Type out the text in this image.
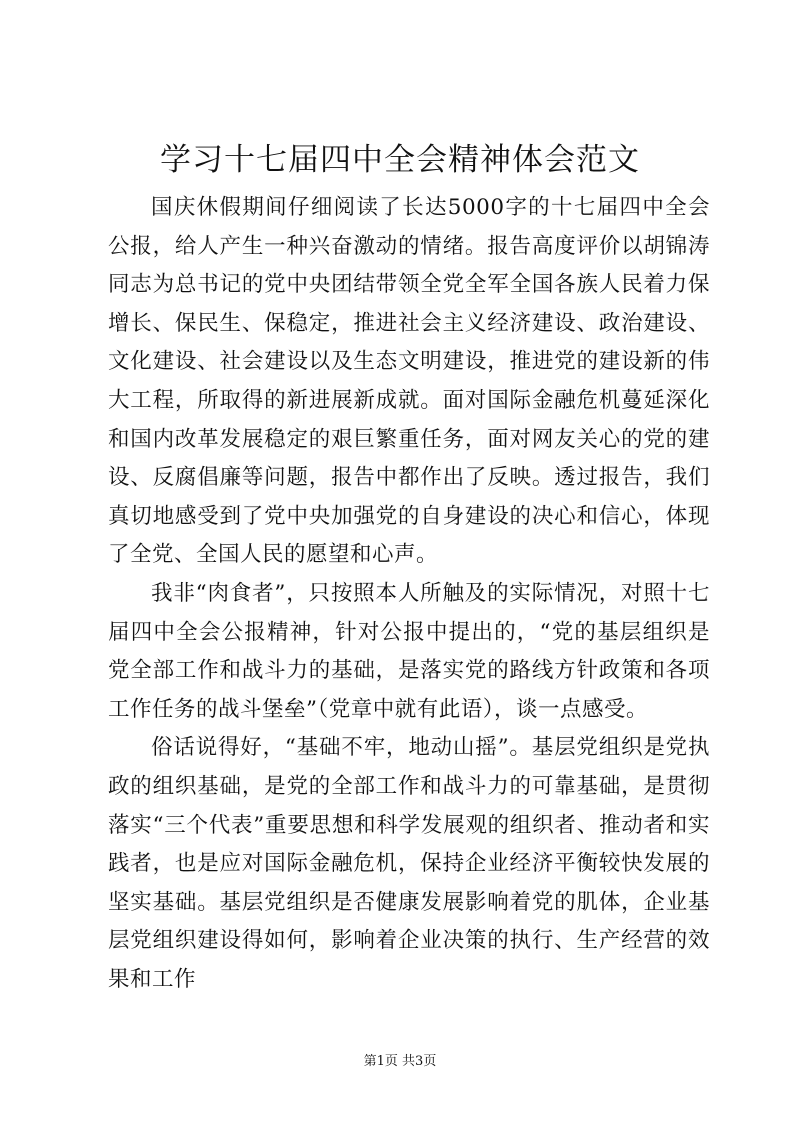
学习十七届四中全会精神体会范文

国庆休假期间仔细阅读了长达5000字的十七届四中全会公报，给人产生一种兴奋激动的情绪。报告高度评价以胡锦涛同志为总书记的党中央团结带领全党全军全国各族人民着力保增长、保民生、保稳定，推进社会主义经济建设、政治建设、文化建设、社会建设以及生态文明建设，推进党的建设新的伟大工程，所取得的新进展新成就。面对国际金融危机蔓延深化和国内改革发展稳定的艰巨繁重任务，面对网友关心的党的建设、反腐倡廉等问题，报告中都作出了反映。透过报告，我们真切地感受到了党中央加强党的自身建设的决心和信心，体现了全党、全国人民的愿望和心声。

我非“肉食者”，只按照本人所触及的实际情况，对照十七届四中全会公报精神，针对公报中提出的，“党的基层组织是党全部工作和战斗力的基础，是落实党的路线方针政策和各项工作任务的战斗堡垒”（党章中就有此语），谈一点感受。

俗话说得好，“基础不牢，地动山摇”。基层党组织是党执政的组织基础，是党的全部工作和战斗力的可靠基础，是贯彻落实“三个代表”重要思想和科学发展观的组织者、推动者和实践者，也是应对国际金融危机，保持企业经济平衡较快发展的坚实基础。基层党组织是否健康发展影响着党的肌体，企业基层党组织建设得如何，影响着企业决策的执行、生产经营的效果和工作

第1页 共3页
